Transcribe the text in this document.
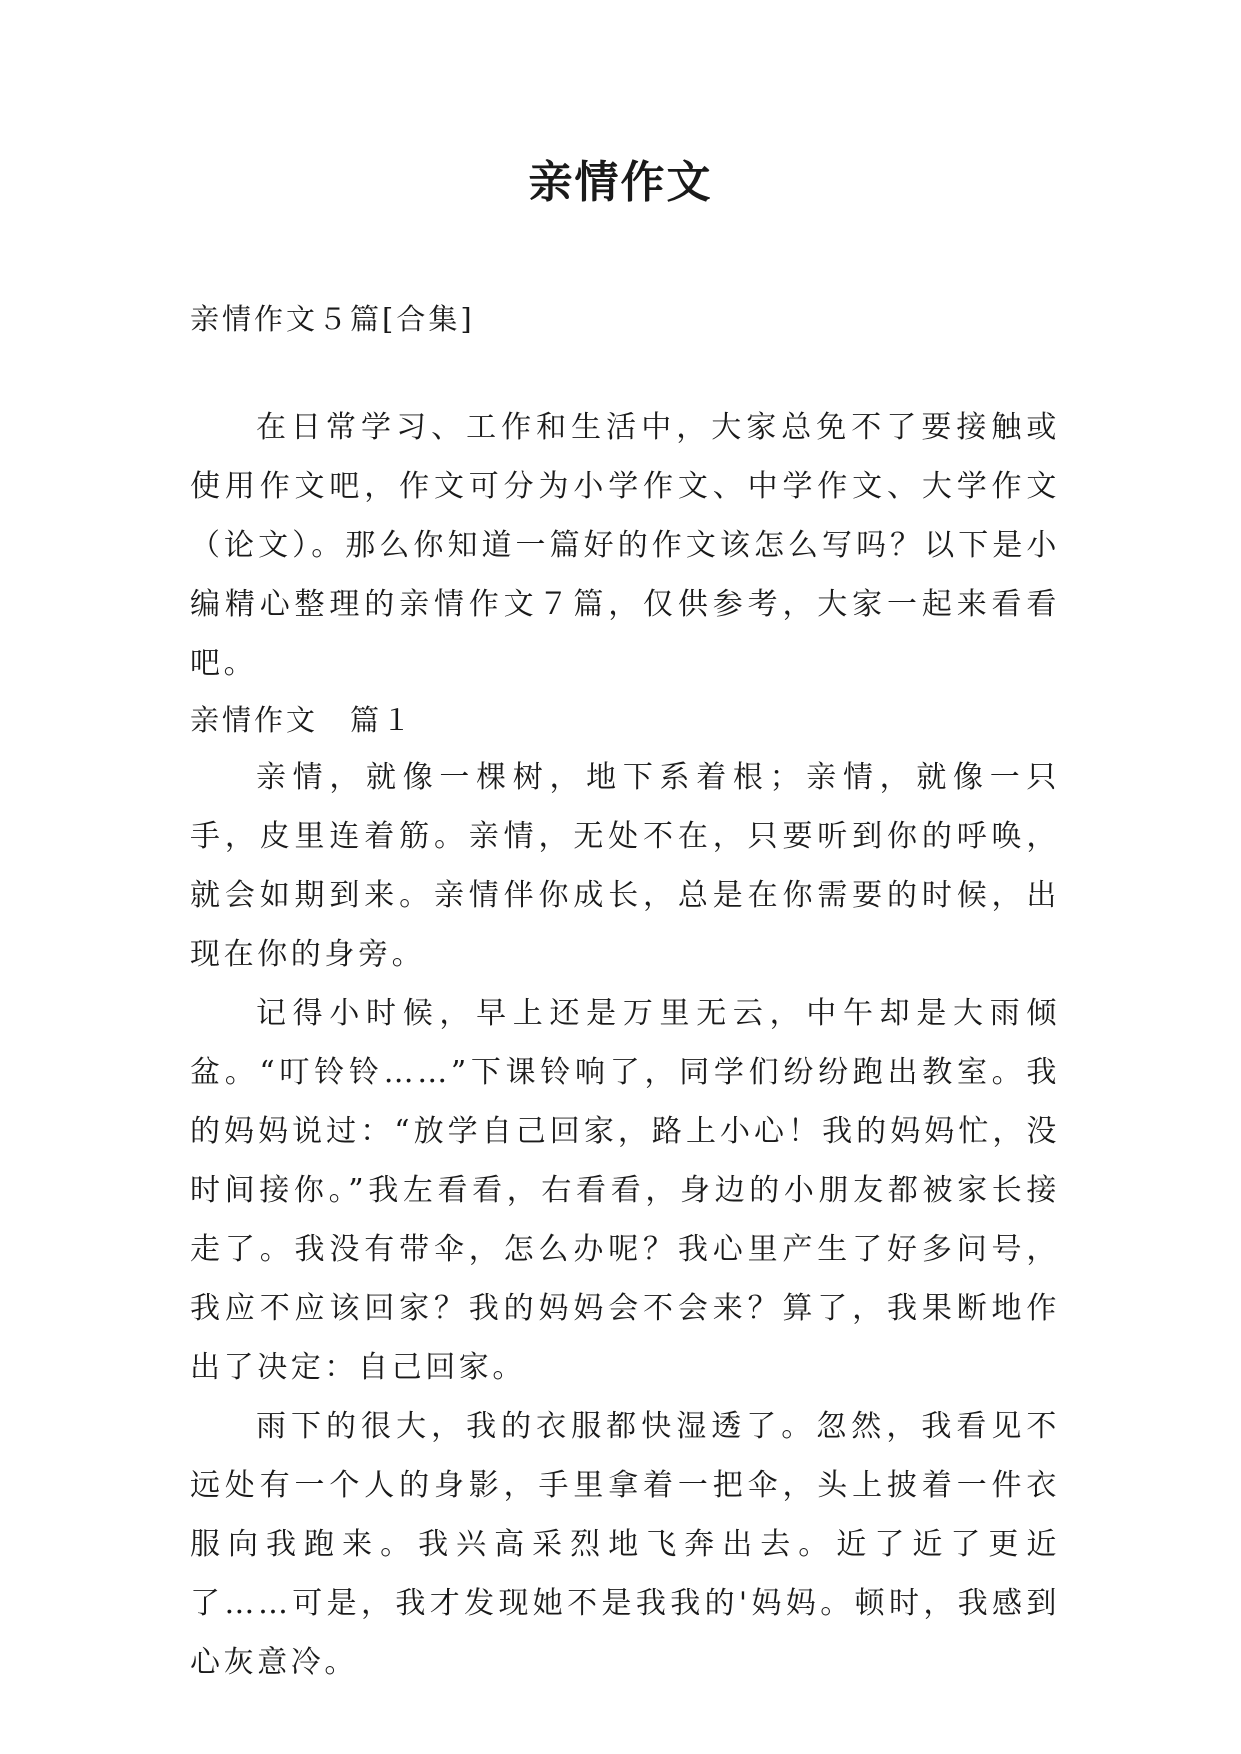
亲情作文

亲情作文５篇[合集]

在日常学习、工作和生活中，大家总免不了要接触或使用作文吧，作文可分为小学作文、中学作文、大学作文（论文）。那么你知道一篇好的作文该怎么写吗？以下是小编精心整理的亲情作文７篇，仅供参考，大家一起来看看吧。

亲情作文　篇１

亲情，就像一棵树，地下系着根；亲情，就像一只手，皮里连着筋。亲情，无处不在，只要听到你的呼唤，就会如期到来。亲情伴你成长，总是在你需要的时候，出现在你的身旁。

记得小时候，早上还是万里无云，中午却是大雨倾盆。“叮铃铃……”下课铃响了，同学们纷纷跑出教室。我的妈妈说过：“放学自己回家，路上小心！我的妈妈忙，没时间接你。”我左看看，右看看，身边的小朋友都被家长接走了。我没有带伞，怎么办呢？我心里产生了好多问号，我应不应该回家？我的妈妈会不会来？算了，我果断地作出了决定：自己回家。

雨下的很大，我的衣服都快湿透了。忽然，我看见不远处有一个人的身影，手里拿着一把伞，头上披着一件衣服向我跑来。我兴高采烈地飞奔出去。近了近了更近了……可是，我才发现她不是我我的'妈妈。顿时，我感到心灰意冷。
